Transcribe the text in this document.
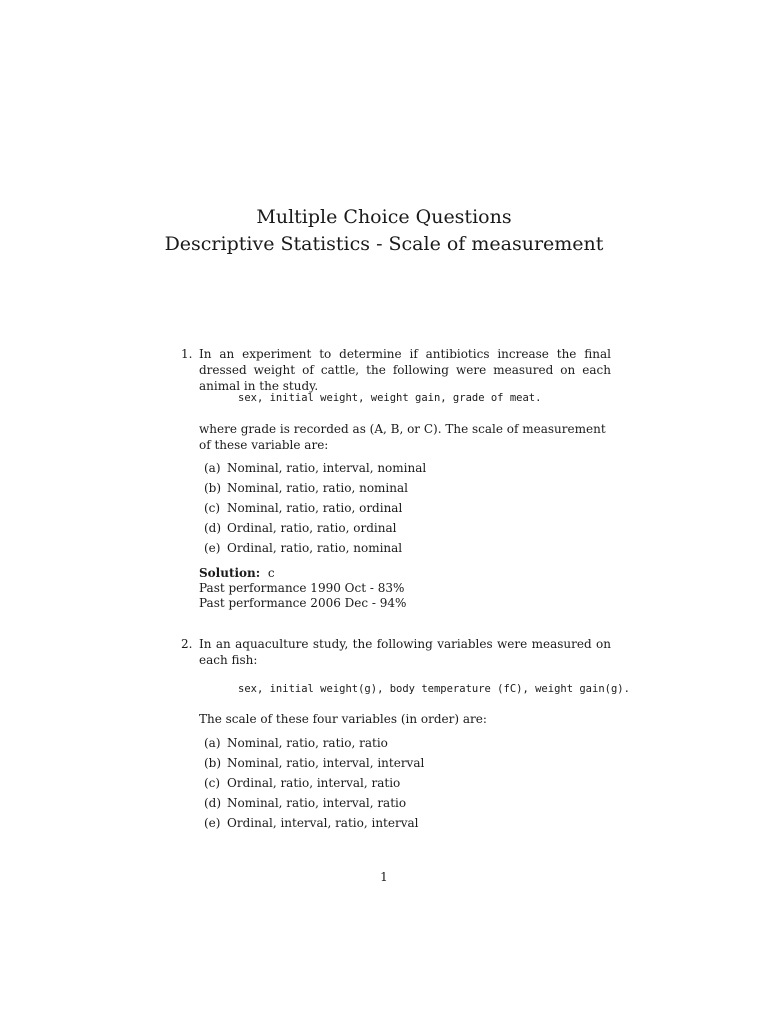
Multiple Choice Questions
Descriptive Statistics - Scale of measurement
1. In an experiment to determine if antibiotics increase the final dressed weight of cattle, the following were measured on each animal in the study.
sex, initial weight, weight gain, grade of meat.
where grade is recorded as (A, B, or C). The scale of measurement of these variable are:
(a) Nominal, ratio, interval, nominal
(b) Nominal, ratio, ratio, nominal
(c) Nominal, ratio, ratio, ordinal
(d) Ordinal, ratio, ratio, ordinal
(e) Ordinal, ratio, ratio, nominal
Solution: c
Past performance 1990 Oct - 83%
Past performance 2006 Dec - 94%
2. In an aquaculture study, the following variables were measured on each fish:
sex, initial weight(g), body temperature (fC), weight gain(g).
The scale of these four variables (in order) are:
(a) Nominal, ratio, ratio, ratio
(b) Nominal, ratio, interval, interval
(c) Ordinal, ratio, interval, ratio
(d) Nominal, ratio, interval, ratio
(e) Ordinal, interval, ratio, interval
1
